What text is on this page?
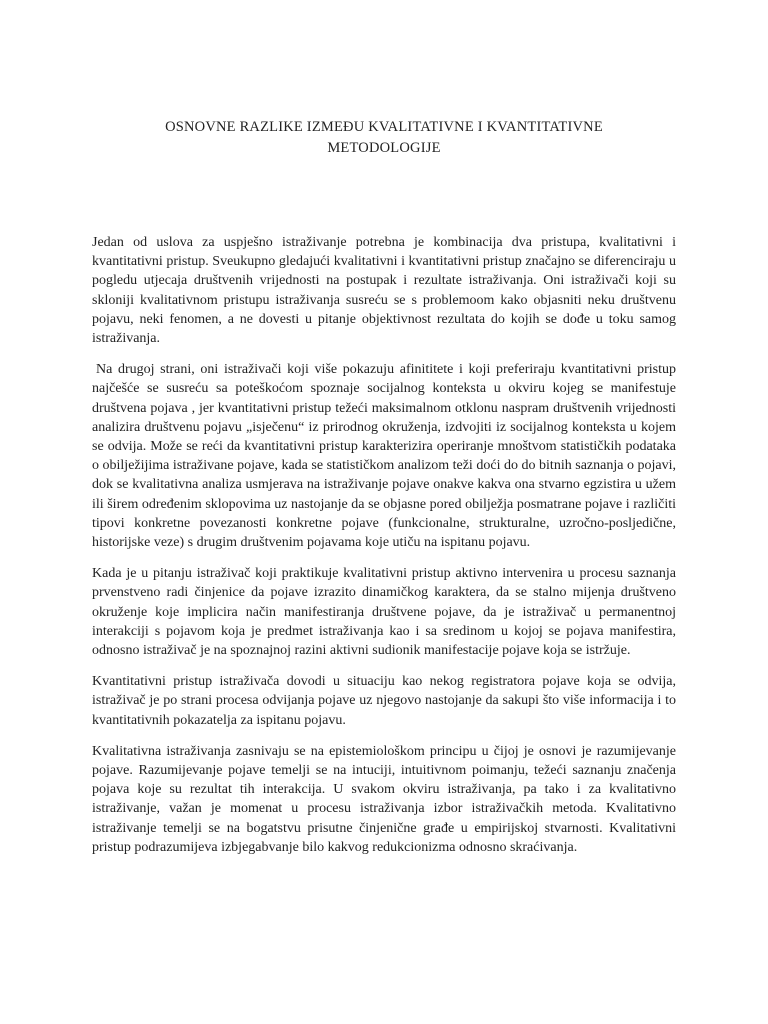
OSNOVNE RAZLIKE IZMEĐU KVALITATIVNE I KVANTITATIVNE
METODOLOGIJE

Jedan od uslova za uspješno istraživanje potrebna je kombinacija dva pristupa, kvalitativni i kvantitativni pristup. Sveukupno gledajući kvalitativni i kvantitativni pristup značajno se diferenciraju u pogledu utjecaja društvenih vrijednosti na postupak i rezultate istraživanja. Oni istraživači koji su skloniji kvalitativnom pristupu istraživanja susreću se s problemoom kako objasniti neku društvenu pojavu, neki fenomen, a ne dovesti u pitanje objektivnost rezultata do kojih se dođe u toku samog istraživanja.

Na drugoj strani, oni istraživači koji više pokazuju afinititete i koji preferiraju kvantitativni pristup najčešće se susreću sa poteškoćom spoznaje socijalnog konteksta u okviru kojeg se manifestuje društvena pojava , jer kvantitativni pristup težeći maksimalnom otklonu naspram društvenih vrijednosti analizira društvenu pojavu „isječenu“ iz prirodnog okruženja, izdvojiti iz socijalnog konteksta u kojem se odvija. Može se reći da kvantitativni pristup karakterizira operiranje mnoštvom statističkih podataka o obilježijima istraživane pojave, kada se statističkom analizom teži doći do do bitnih saznanja o pojavi, dok se kvalitativna analiza usmjerava na istraživanje pojave onakve kakva ona stvarno egzistira u užem ili širem određenim sklopovima uz nastojanje da se objasne pored obilježja posmatrane pojave i različiti tipovi konkretne povezanosti konkretne pojave (funkcionalne, strukturalne, uzročno-posljedične, historijske veze) s drugim društvenim pojavama koje utiču na ispitanu pojavu.

Kada je u pitanju istraživač koji praktikuje kvalitativni pristup aktivno intervenira u procesu saznanja prvenstveno radi činjenice da pojave izrazito dinamičkog karaktera, da se stalno mijenja društveno okruženje koje implicira način manifestiranja društvene pojave, da je istraživač u permanentnoj interakciji s pojavom koja je predmet istraživanja kao i sa sredinom u kojoj se pojava manifestira, odnosno istraživač je na spoznajnoj razini aktivni sudionik manifestacije pojave koja se istržuje.

Kvantitativni pristup istraživača dovodi u situaciju kao nekog registratora pojave koja se odvija, istraživač je po strani procesa odvijanja pojave uz njegovo nastojanje da sakupi što više informacija i to kvantitativnih pokazatelja za ispitanu pojavu.

Kvalitativna istraživanja zasnivaju se na epistemiološkom principu u čijoj je osnovi je razumijevanje pojave. Razumijevanje pojave temelji se na intuciji, intuitivnom poimanju, težeći saznanju značenja pojava koje su rezultat tih interakcija. U svakom okviru istraživanja, pa tako i za kvalitativno istraživanje, važan je momenat u procesu istraživanja izbor istraživačkih metoda. Kvalitativno istraživanje temelji se na bogatstvu prisutne činjenične građe u empirijskoj stvarnosti. Kvalitativni pristup podrazumijeva izbjegabvanje bilo kakvog redukcionizma odnosno skraćivanja.
